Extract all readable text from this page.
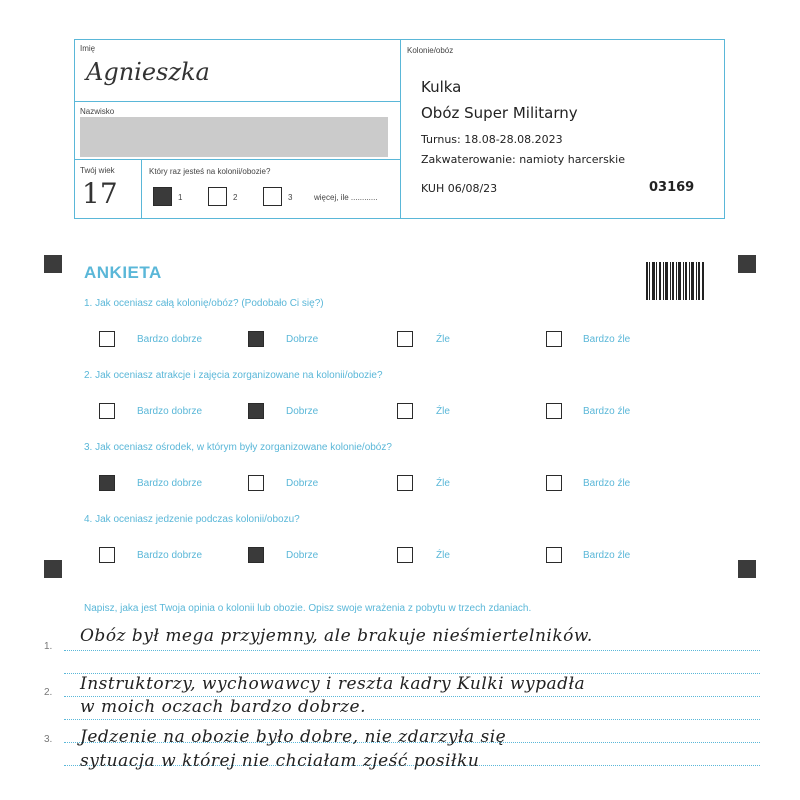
Imię
Agnieszka
Nazwisko
Twój wiek
17
Który raz jesteś na kolonii/obozie?
1	2	3	więcej, ile ............
Kolonie/obóz
Kulka
Obóz Super Militarny
Turnus: 18.08-28.08.2023
Zakwaterowanie: namioty harcerskie
KUH 06/08/23	03169
ANKIETA
1. Jak oceniasz całą kolonię/obóz? (Podobało Ci się?)
Bardzo dobrze	Dobrze	Źle	Bardzo źle
2. Jak oceniasz atrakcje i zajęcia zorganizowane na kolonii/obozie?
Bardzo dobrze	Dobrze	Źle	Bardzo źle
3. Jak oceniasz ośrodek, w którym były zorganizowane kolonie/obóz?
Bardzo dobrze	Dobrze	Źle	Bardzo źle
4. Jak oceniasz jedzenie podczas kolonii/obozu?
Bardzo dobrze	Dobrze	Źle	Bardzo źle
Napisz, jaka jest Twoja opinia o kolonii lub obozie. Opisz swoje wrażenia z pobytu w trzech zdaniach.
1.
2.
3.
Obóz był mega przyjemny, ale brakuje nieśmiertelników.
Instruktorzy, wychowawcy i reszta kadry Kulki wypadła
w moich oczach bardzo dobrze.
Jedzenie na obozie było dobre, nie zdarzyła się
sytuacja w której nie chciałam zjeść posiłku
